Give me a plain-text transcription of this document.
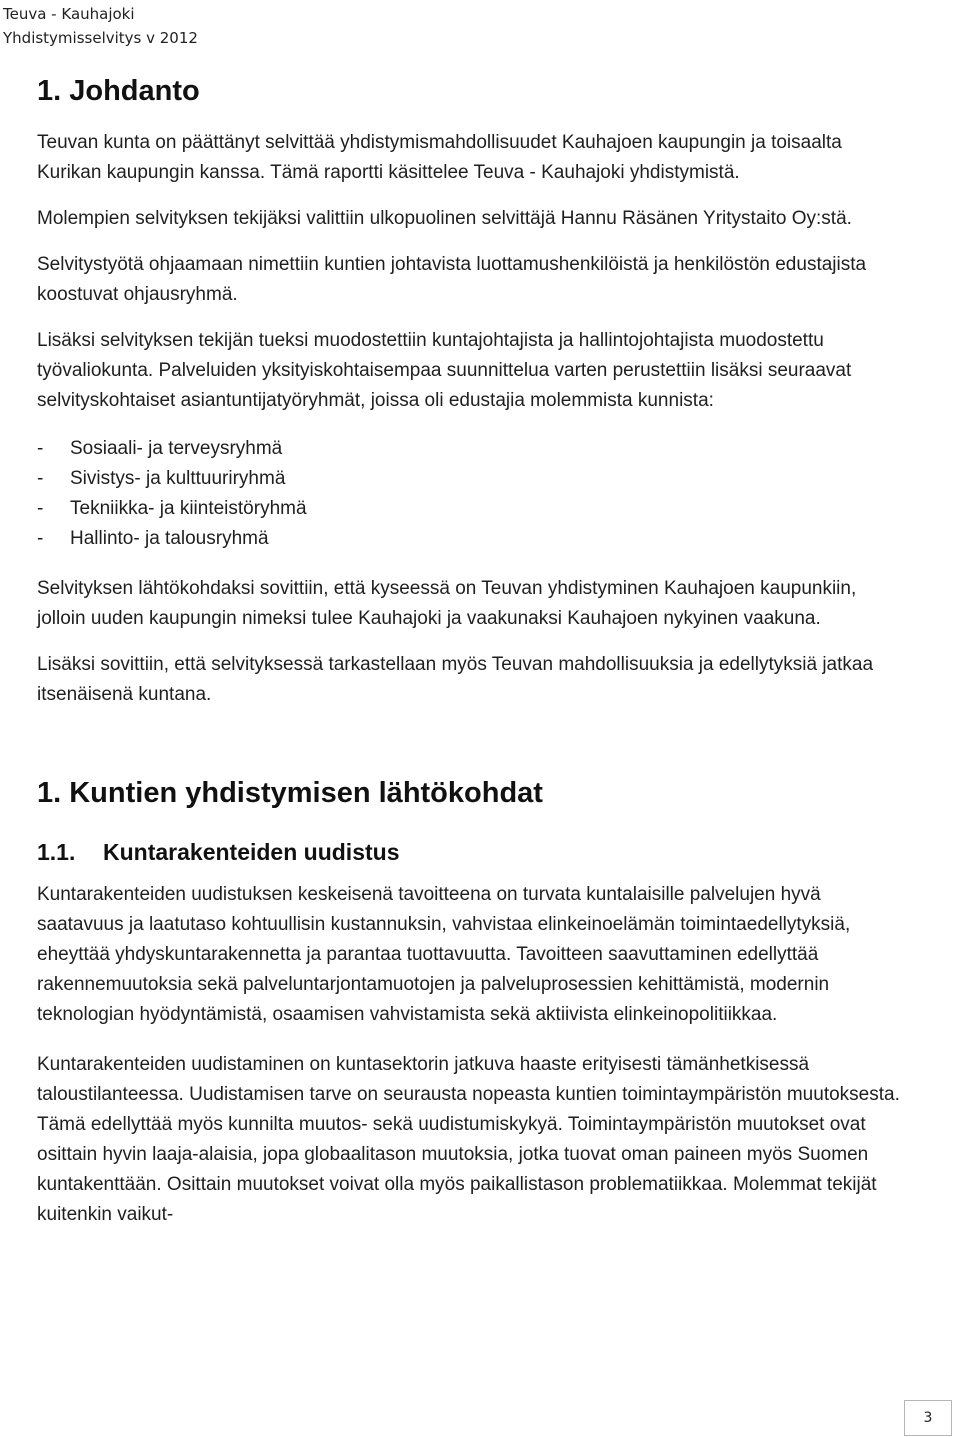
Teuva - Kauhajoki
Yhdistymisselvitys v 2012
1. Johdanto

Teuvan kunta on päättänyt selvittää yhdistymismahdollisuudet Kauhajoen kaupungin ja toisaalta Kurikan kaupungin kanssa. Tämä raportti käsittelee Teuva - Kauhajoki yhdistymistä.

Molempien selvityksen tekijäksi valittiin ulkopuolinen selvittäjä Hannu Räsänen Yritystaito Oy:stä.

Selvitystyötä ohjaamaan nimettiin kuntien johtavista luottamushenkilöistä ja henkilöstön edustajista koostuvat ohjausryhmä.

Lisäksi selvityksen tekijän tueksi muodostettiin kuntajohtajista ja hallintojohtajista muodostettu työvaliokunta. Palveluiden yksityiskohtaisempaa suunnittelua varten perustettiin lisäksi seuraavat selvityskohtaiset asiantuntijatyöryhmät, joissa oli edustajia molemmista kunnista:

- Sosiaali- ja terveysryhmä
- Sivistys- ja kulttuuriryhmä
- Tekniikka- ja kiinteistöryhmä
- Hallinto- ja talousryhmä

Selvityksen lähtökohdaksi sovittiin, että kyseessä on Teuvan yhdistyminen Kauhajoen kaupunkiin, jolloin uuden kaupungin nimeksi tulee Kauhajoki ja vaakunaksi Kauhajoen nykyinen vaakuna.

Lisäksi sovittiin, että selvityksessä tarkastellaan myös Teuvan mahdollisuuksia ja edellytyksiä jatkaa itsenäisenä kuntana.

1. Kuntien yhdistymisen lähtökohdat
1.1. Kuntarakenteiden uudistus

Kuntarakenteiden uudistuksen keskeisenä tavoitteena on turvata kuntalaisille palvelujen hyvä saatavuus ja laatutaso kohtuullisin kustannuksin, vahvistaa elinkeinoelämän toimintaedellytyksiä, eheyttää yhdyskuntarakennetta ja parantaa tuottavuutta. Tavoitteen saavuttaminen edellyttää rakennemuutoksia sekä palveluntarjontamuotojen ja palveluprosessien kehittämistä, modernin teknologian hyödyntämistä, osaamisen vahvistamista sekä aktiivista elinkeinopolitiikkaa.

Kuntarakenteiden uudistaminen on kuntasektorin jatkuva haaste erityisesti tämänhetkisessä taloustilanteessa. Uudistamisen tarve on seurausta nopeasta kuntien toimintaympäristön muutoksesta. Tämä edellyttää myös kunnilta muutos- sekä uudistumiskykyä. Toimintaympäristön muutokset ovat osittain hyvin laaja-alaisia, jopa globaalitason muutoksia, jotka tuovat oman paineen myös Suomen kuntakenttään. Osittain muutokset voivat olla myös paikallistason problematiikkaa. Molemmat tekijät kuitenkin vaikut-

3
